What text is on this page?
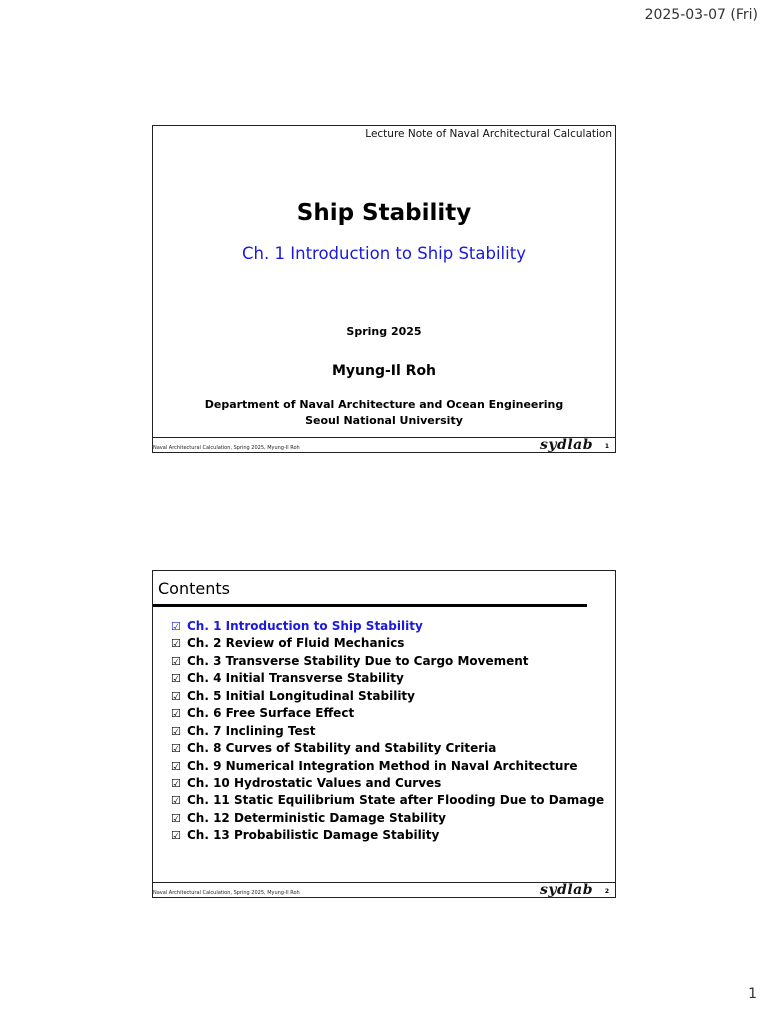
2025-03-07 (Fri)
Lecture Note of Naval Architectural Calculation
Ship Stability
Ch. 1 Introduction to Ship Stability
Spring 2025
Myung-Il Roh
Department of Naval Architecture and Ocean Engineering
Seoul National University
Naval Architectural Calculation, Spring 2025, Myung-Il Roh	sydlab	1
Contents
☑ Ch. 1 Introduction to Ship Stability
☑ Ch. 2 Review of Fluid Mechanics
☑ Ch. 3 Transverse Stability Due to Cargo Movement
☑ Ch. 4 Initial Transverse Stability
☑ Ch. 5 Initial Longitudinal Stability
☑ Ch. 6 Free Surface Effect
☑ Ch. 7 Inclining Test
☑ Ch. 8 Curves of Stability and Stability Criteria
☑ Ch. 9 Numerical Integration Method in Naval Architecture
☑ Ch. 10 Hydrostatic Values and Curves
☑ Ch. 11 Static Equilibrium State after Flooding Due to Damage
☑ Ch. 12 Deterministic Damage Stability
☑ Ch. 13 Probabilistic Damage Stability
Naval Architectural Calculation, Spring 2025, Myung-Il Roh	sydlab	2
1
